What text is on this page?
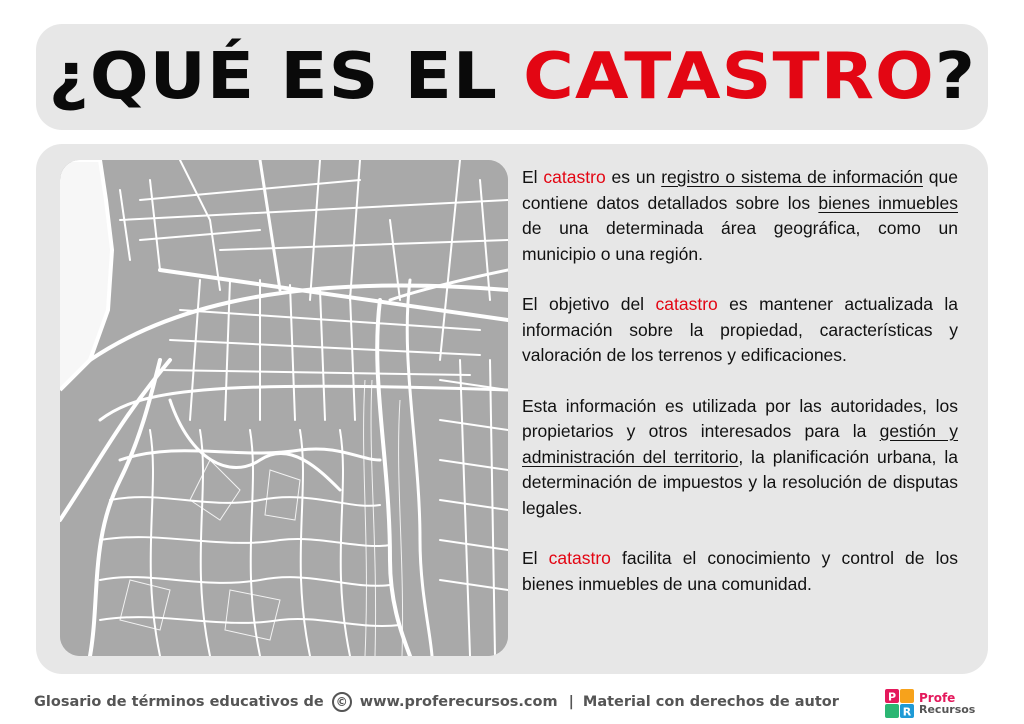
¿QUÉ ES EL CATASTRO?

El catastro es un registro o sistema de información que contiene datos detallados sobre los bienes inmuebles de una determinada área geográfica, como un municipio o una región.

El objetivo del catastro es mantener actualizada la información sobre la propiedad, características y valoración de los terrenos y edificaciones.

Esta información es utilizada por las autoridades, los propietarios y otros interesados para la gestión y administración del territorio, la planificación urbana, la determinación de impuestos y la resolución de disputas legales.

El catastro facilita el conocimiento y control de los bienes inmuebles de una comunidad.

Glosario de términos educativos de	© www.proferecursos.com | Material con derechos de autor	P
R
Profe
Recursos
